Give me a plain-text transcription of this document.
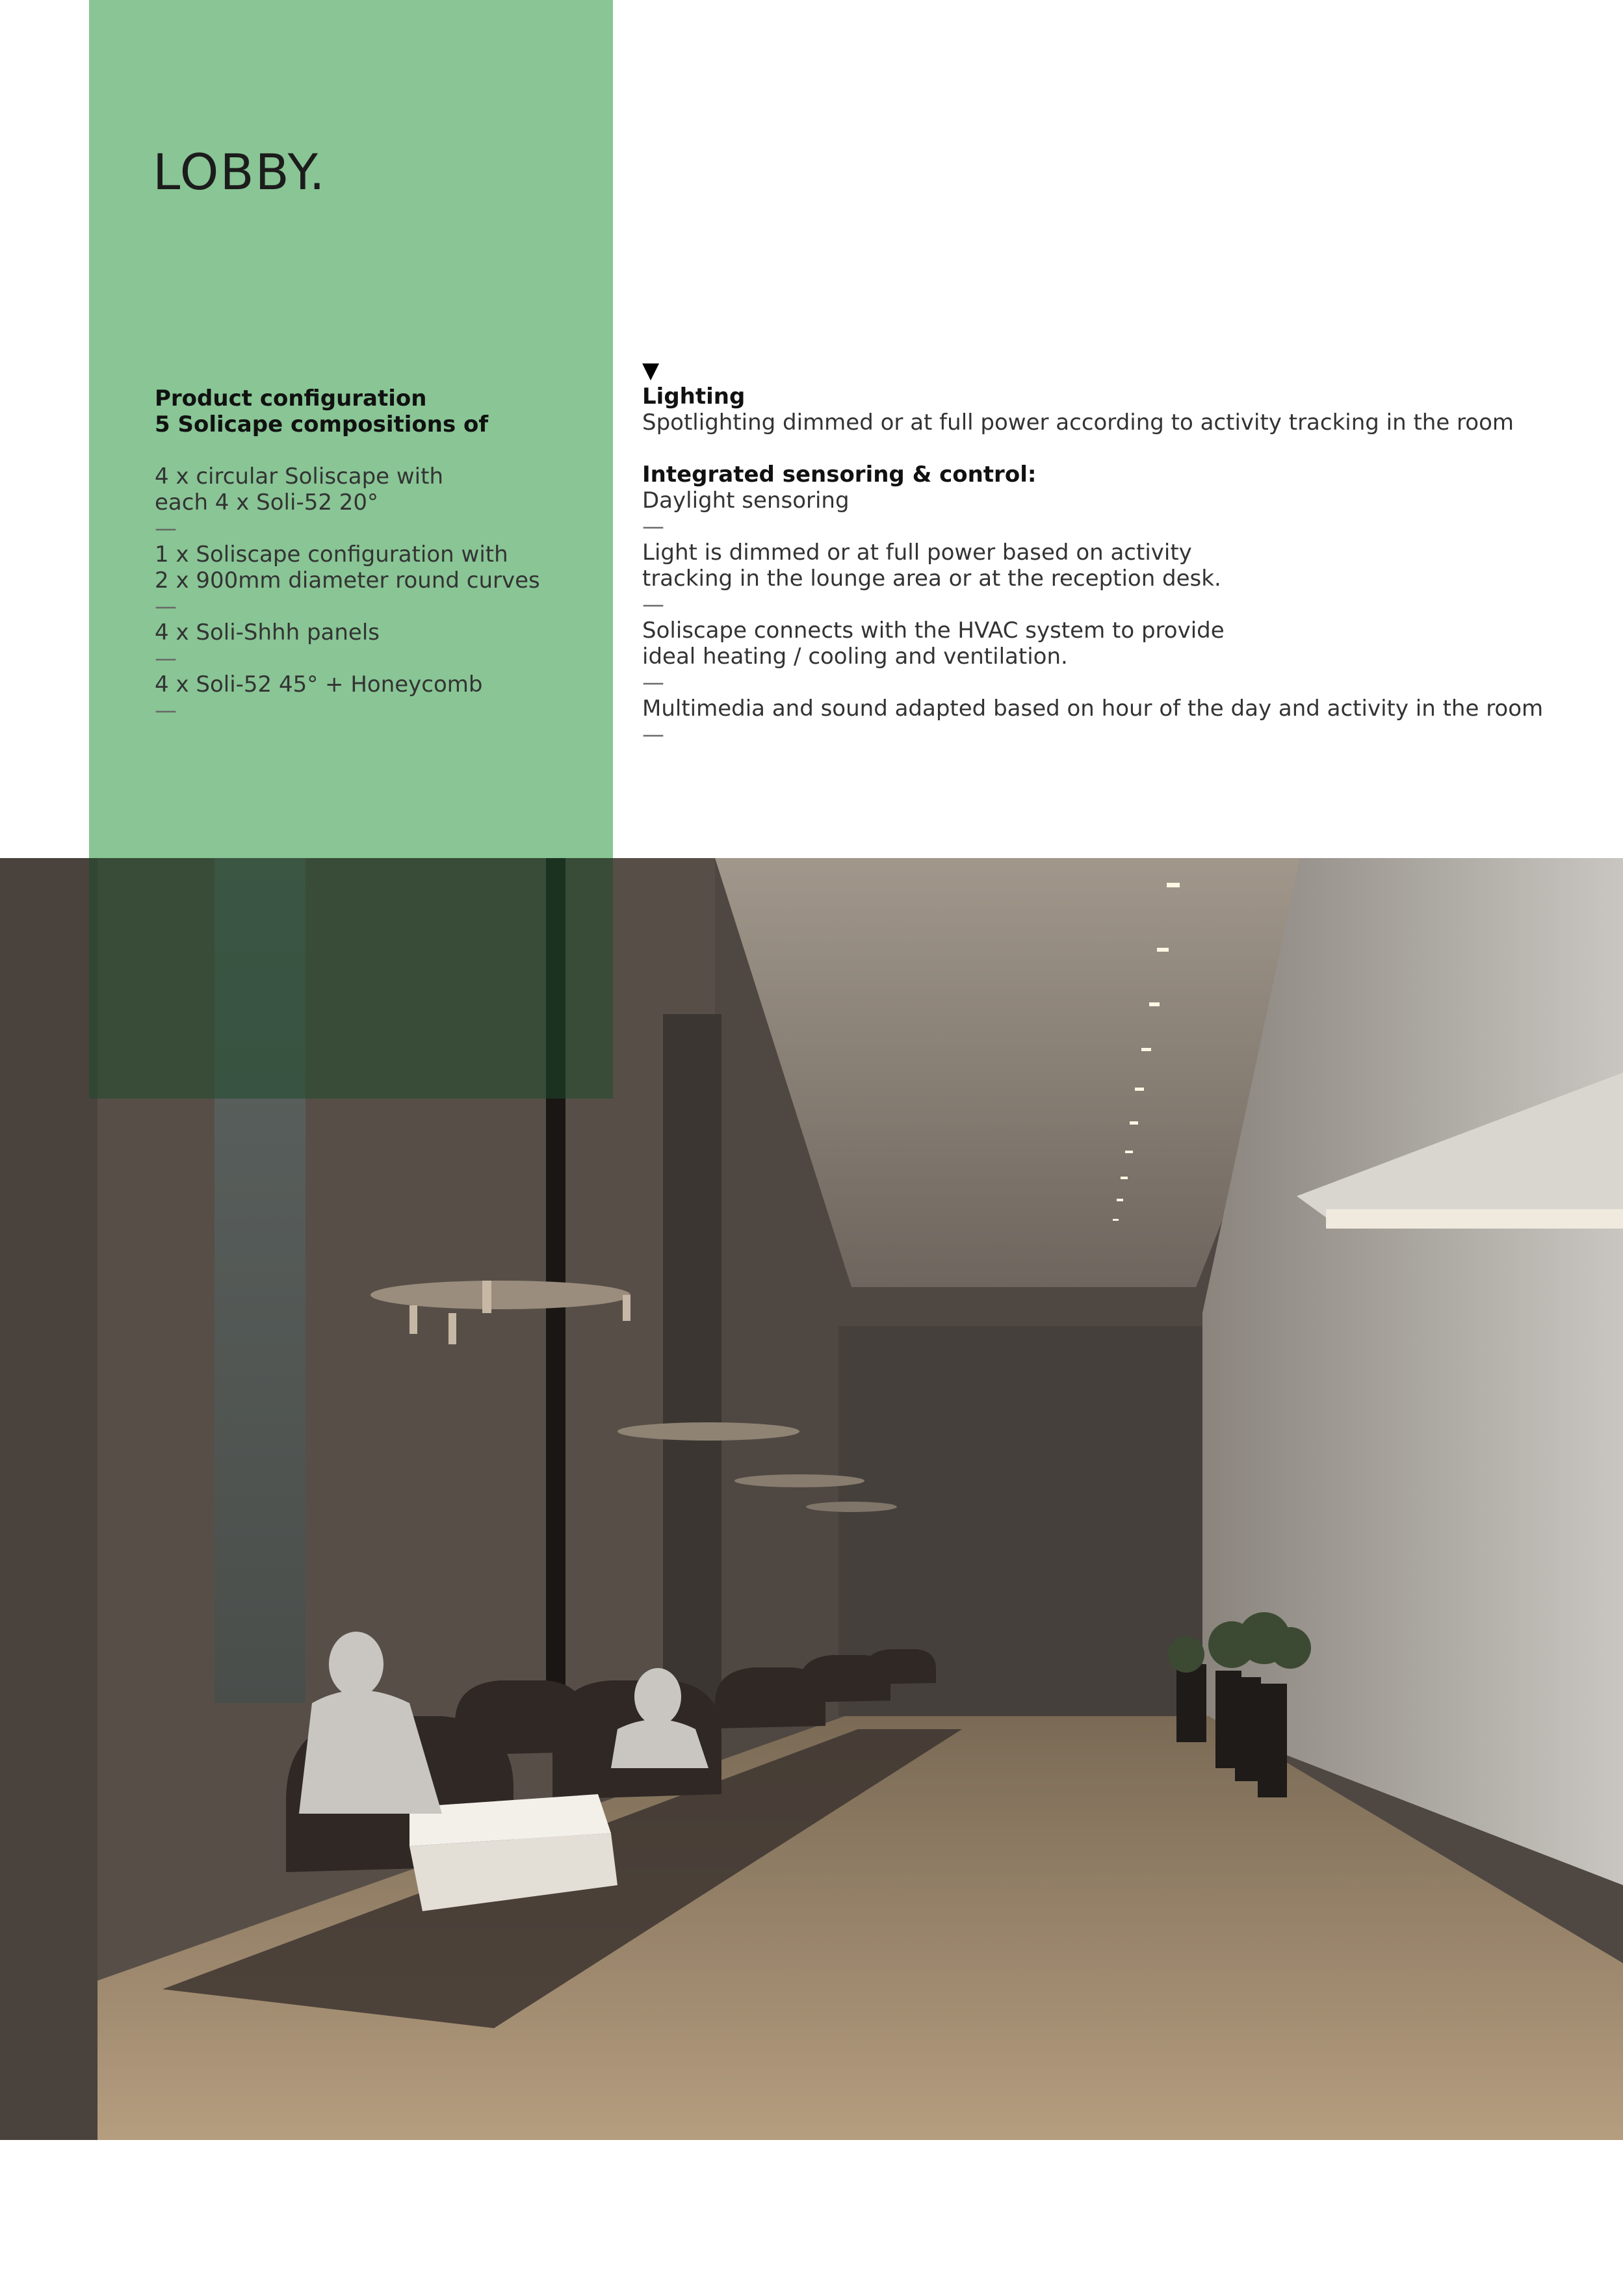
LOBBY.

Product configuration

5 Solicape compositions of

4 x circular Soliscape with

each 4 x Soli-52 20°

—

1 x Soliscape configuration with

2 x 900mm diameter round curves

—

4 x Soli-Shhh panels

—

4 x Soli-52 45° + Honeycomb

—

▼

Lighting

Spotlighting dimmed or at full power according to activity tracking in the room

Integrated sensoring & control:

Daylight sensoring

—

Light is dimmed or at full power based on activity

tracking in the lounge area or at the reception desk.

—

Soliscape connects with the HVAC system to provide

ideal heating / cooling and ventilation.

—

Multimedia and sound adapted based on hour of the day and activity in the room

—
